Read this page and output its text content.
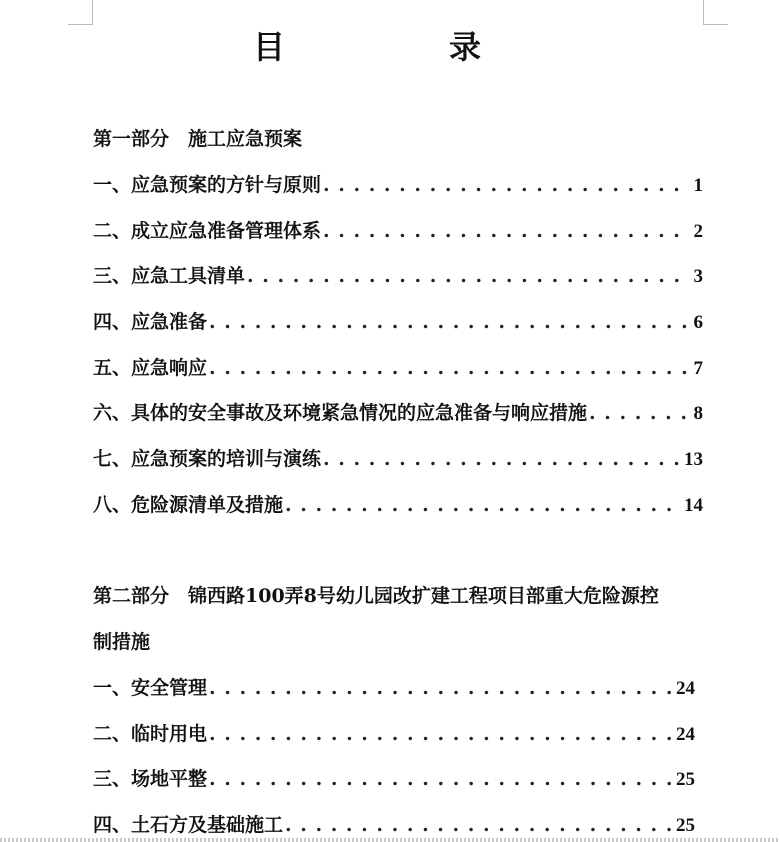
目　录
第一部分 施工应急预案
一、应急预案的方针与原则 . . .	1
二、成立应急准备管理体系 . . .	2
三、应急工具清单 . . .	3
四、应急准备 . . .	6
五、应急响应 . . .	7
六、具体的安全事故及环境紧急情况的应急准备与响应措施 . . .	8
七、应急预案的培训与演练 . . .	13
八、危险源清单及措施 . . .	14
第二部分 锦西路100弄8号幼儿园改扩建工程项目部重大危险源控
制措施
一、安全管理 . . .	24
二、临时用电 . . .	24
三、场地平整 . . .	25
四、土石方及基础施工 . . .	25
